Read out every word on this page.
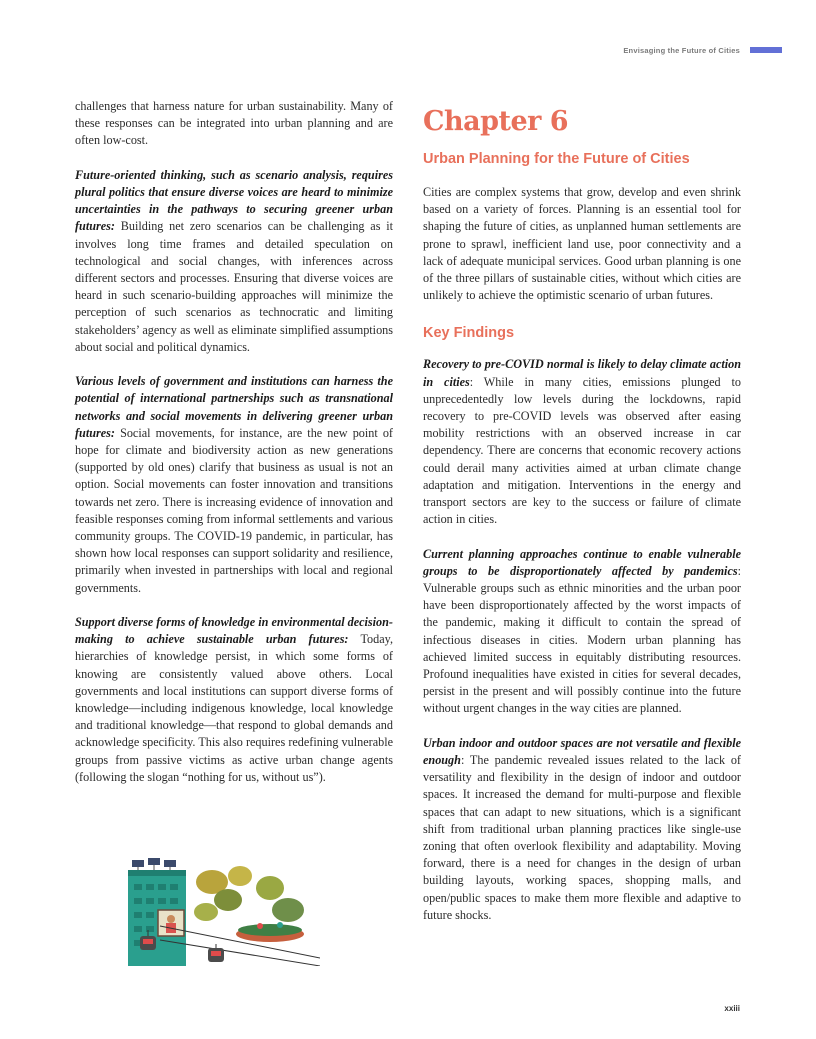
Envisaging the Future of Cities

challenges that harness nature for urban sustainability. Many of these responses can be integrated into urban planning and are often low-cost.

Future-oriented thinking, such as scenario analysis, requires plural politics that ensure diverse voices are heard to minimize uncertainties in the pathways to securing greener urban futures: Building net zero scenarios can be challenging as it involves long time frames and detailed speculation on technological and social changes, with inferences across different sectors and processes. Ensuring that diverse voices are heard in such scenario-building approaches will minimize the perception of such scenarios as technocratic and limiting stakeholders’ agency as well as eliminate simplified assumptions about social and political dynamics.

Various levels of government and institutions can harness the potential of international partnerships such as transnational networks and social movements in delivering greener urban futures: Social movements, for instance, are the new point of hope for climate and biodiversity action as new generations (supported by old ones) clarify that business as usual is not an option. Social movements can foster innovation and transitions towards net zero. There is increasing evidence of innovation and feasible responses coming from informal settlements and various community groups. The COVID-19 pandemic, in particular, has shown how local responses can support solidarity and resilience, primarily when invested in partnerships with local and regional governments.

Support diverse forms of knowledge in environmental decision-making to achieve sustainable urban futures: Today, hierarchies of knowledge persist, in which some forms of knowing are consistently valued above others. Local governments and local institutions can support diverse forms of knowledge—including indigenous knowledge, local knowledge and traditional knowledge—that respond to global demands and acknowledge specificity. This also requires redefining vulnerable groups from passive victims as active urban change agents (following the slogan “nothing for us, without us”).

Chapter 6
Urban Planning for the Future of Cities

Cities are complex systems that grow, develop and even shrink based on a variety of forces. Planning is an essential tool for shaping the future of cities, as unplanned human settlements are prone to sprawl, inefficient land use, poor connectivity and a lack of adequate municipal services. Good urban planning is one of the three pillars of sustainable cities, without which cities are unlikely to achieve the optimistic scenario of urban futures.

Key Findings

Recovery to pre-COVID normal is likely to delay climate action in cities: While in many cities, emissions plunged to unprecedentedly low levels during the lockdowns, rapid recovery to pre-COVID levels was observed after easing mobility restrictions with an observed increase in car dependency. There are concerns that economic recovery actions could derail many activities aimed at urban climate change adaptation and mitigation. Interventions in the energy and transport sectors are key to the success or failure of climate action in cities.

Current planning approaches continue to enable vulnerable groups to be disproportionately affected by pandemics: Vulnerable groups such as ethnic minorities and the urban poor have been disproportionately affected by the worst impacts of the pandemic, making it difficult to contain the spread of infectious diseases in cities. Modern urban planning has achieved limited success in equitably distributing resources. Profound inequalities have existed in cities for several decades, persist in the present and will possibly continue into the future without urgent changes in the way cities are planned.

Urban indoor and outdoor spaces are not versatile and flexible enough: The pandemic revealed issues related to the lack of versatility and flexibility in the design of indoor and outdoor spaces. It increased the demand for multi-purpose and flexible spaces that can adapt to new situations, which is a significant shift from traditional urban planning practices like single-use zoning that often overlook flexibility and adaptability. Moving forward, there is a need for changes in the design of urban building layouts, working spaces, shopping malls, and open/public spaces to make them more flexible and adaptive to future shocks.

xxiii
